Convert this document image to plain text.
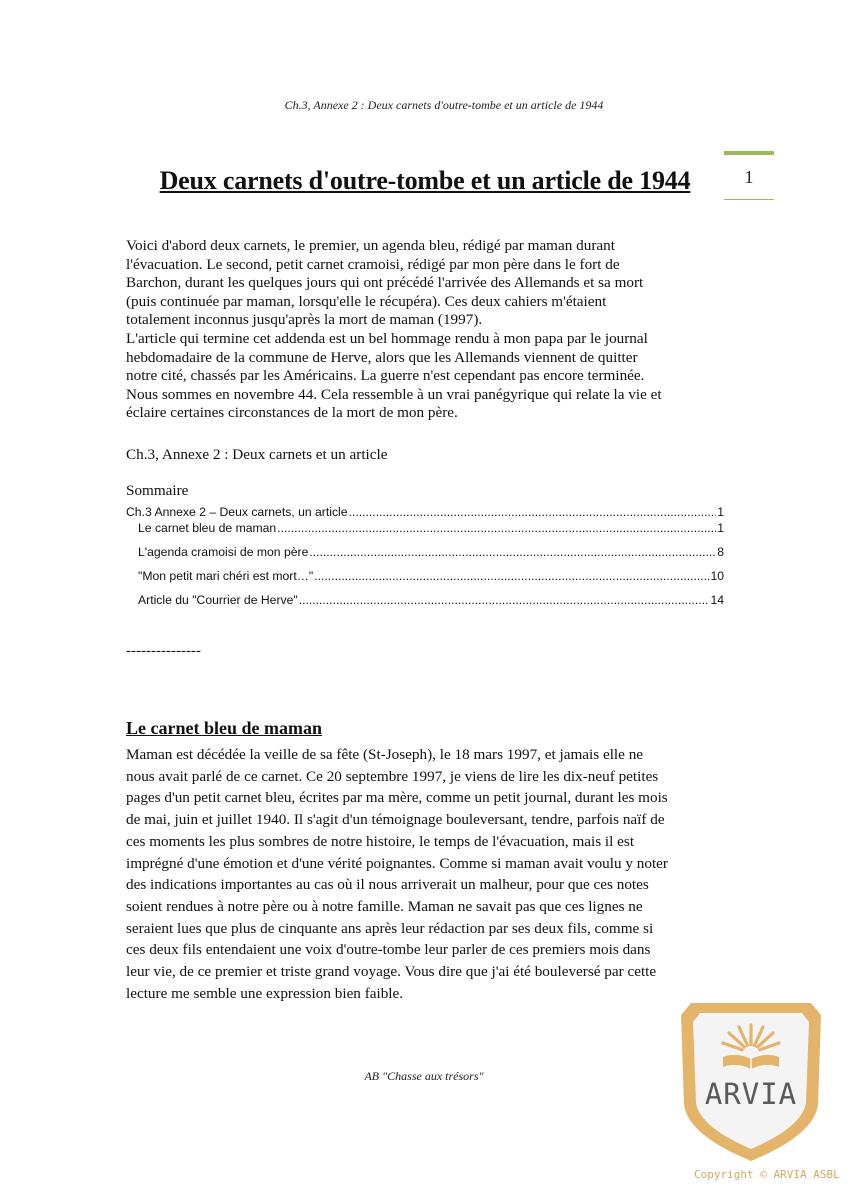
Ch.3, Annexe 2 : Deux carnets d'outre-tombe et un article de 1944
1
Deux carnets d'outre-tombe et un article de 1944
Voici d'abord deux carnets, le premier, un agenda bleu, rédigé par maman durant
l'évacuation. Le second, petit carnet cramoisi, rédigé par mon père dans le fort de
Barchon, durant les quelques jours qui ont précédé l'arrivée des Allemands et sa mort
(puis continuée par maman, lorsqu'elle le récupéra). Ces deux cahiers m'étaient
totalement inconnus jusqu'après la mort de maman (1997).
L'article qui termine cet addenda est un bel hommage rendu à mon papa par le journal
hebdomadaire de la commune de Herve, alors que les Allemands viennent de quitter
notre cité, chassés par les Américains. La guerre n'est cependant pas encore terminée.
Nous sommes en novembre 44. Cela ressemble à un vrai panégyrique qui relate la vie et
éclaire certaines circonstances de la mort de mon père.
Ch.3, Annexe 2 : Deux carnets et un article
Sommaire
Ch.3 Annexe 2 – Deux carnets, un article .....	1
Le carnet bleu de maman .....	1
L'agenda cramoisi de mon père .....	8
"Mon petit mari chéri est mort…" .....	10
Article du "Courrier de Herve" .....	14
---------------
Le carnet bleu de maman
Maman est décédée la veille de sa fête (St-Joseph), le 18 mars 1997, et jamais elle ne
nous avait parlé de ce carnet. Ce 20 septembre 1997, je viens de lire les dix-neuf petites
pages d'un petit carnet bleu, écrites par ma mère, comme un petit journal, durant les mois
de mai, juin et juillet 1940. Il s'agit d'un témoignage bouleversant, tendre, parfois naïf de
ces moments les plus sombres de notre histoire, le temps de l'évacuation, mais il est
imprégné d'une émotion et d'une vérité poignantes. Comme si maman avait voulu y noter
des indications importantes au cas où il nous arriverait un malheur, pour que ces notes
soient rendues à notre père ou à notre famille. Maman ne savait pas que ces lignes ne
seraient lues que plus de cinquante ans après leur rédaction par ses deux fils, comme si
ces deux fils entendaient une voix d'outre-tombe leur parler de ces premiers mois dans
leur vie, de ce premier et triste grand voyage. Vous dire que j'ai été bouleversé par cette
lecture me semble une expression bien faible.
AB "Chasse aux trésors"
ARVIA
Copyright © ARVIA ASBL
